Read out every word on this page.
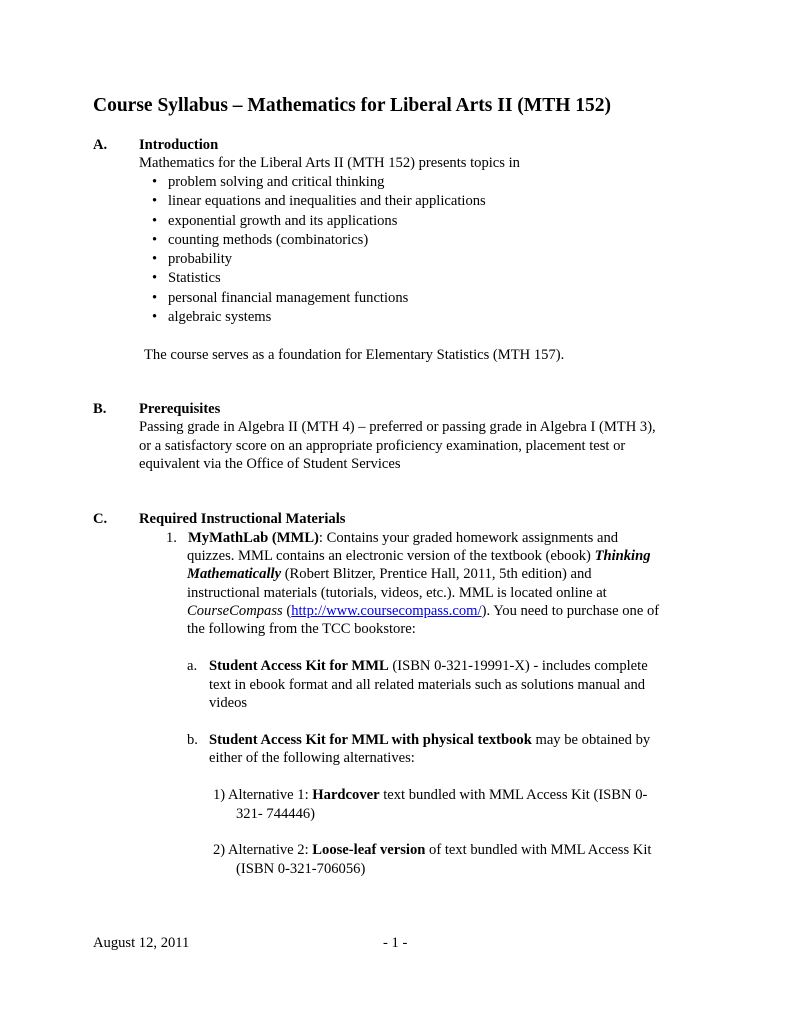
Course Syllabus – Mathematics for Liberal Arts II (MTH 152)
A. Introduction
Mathematics for the Liberal Arts II (MTH 152) presents topics in
• problem solving and critical thinking
• linear equations and inequalities and their applications
• exponential growth and its applications
• counting methods (combinatorics)
• probability
• Statistics
• personal financial management functions
• algebraic systems
The course serves as a foundation for Elementary Statistics (MTH 157).
B. Prerequisites
Passing grade in Algebra II (MTH 4) – preferred or passing grade in Algebra I (MTH 3),
or a satisfactory score on an appropriate proficiency examination, placement test or
equivalent via the Office of Student Services
C. Required Instructional Materials
1. MyMathLab (MML): Contains your graded homework assignments and
quizzes. MML contains an electronic version of the textbook (ebook) Thinking
Mathematically (Robert Blitzer, Prentice Hall, 2011, 5th edition) and
instructional materials (tutorials, videos, etc.). MML is located online at
CourseCompass (http://www.coursecompass.com/). You need to purchase one of
the following from the TCC bookstore:
a. Student Access Kit for MML (ISBN 0-321-19991-X) - includes complete
text in ebook format and all related materials such as solutions manual and
videos
b. Student Access Kit for MML with physical textbook may be obtained by
either of the following alternatives:
1) Alternative 1: Hardcover text bundled with MML Access Kit (ISBN 0-
321- 744446)
2) Alternative 2: Loose-leaf version of text bundled with MML Access Kit
(ISBN 0-321-706056)
August 12, 2011	- 1 -
